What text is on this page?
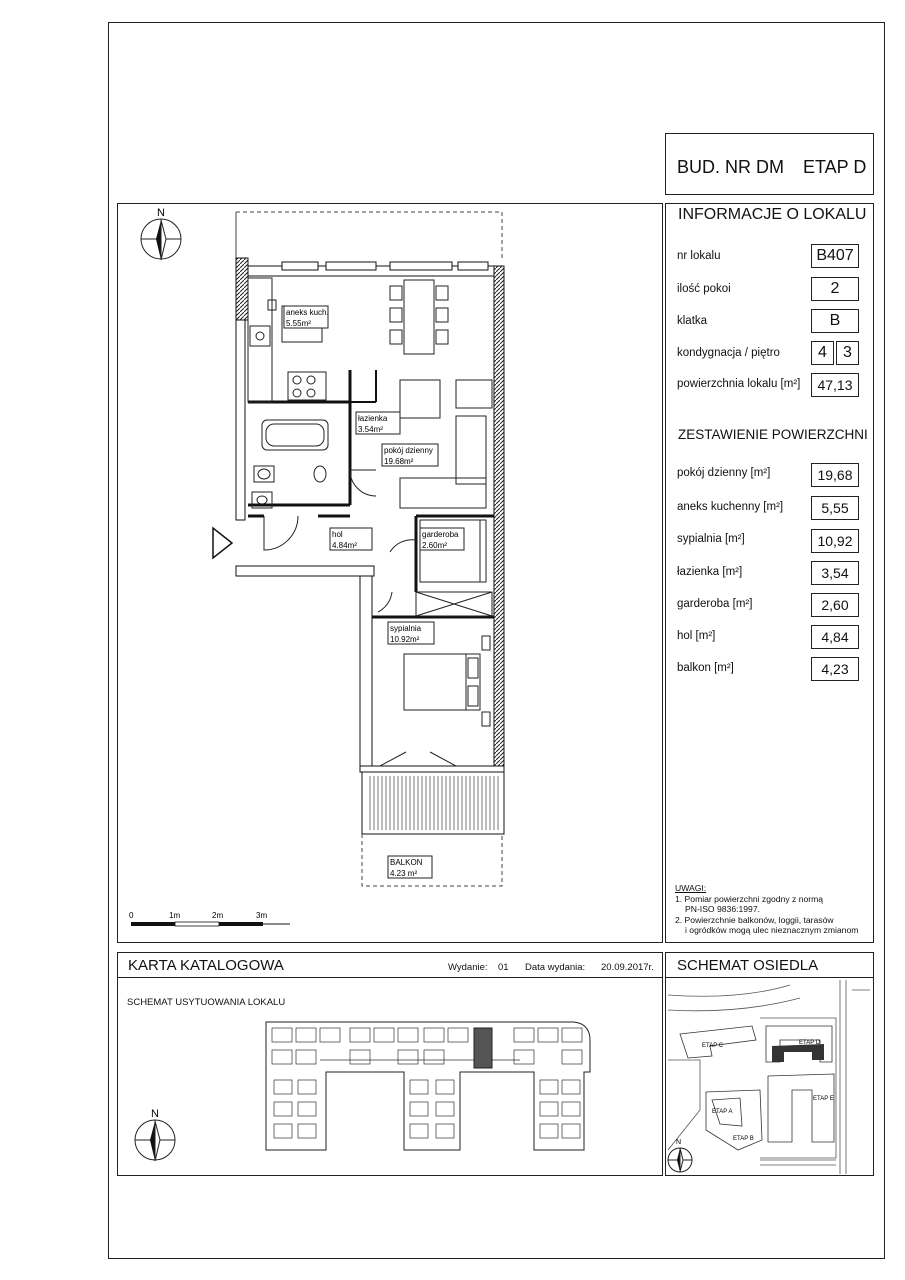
BUD. NR DM ETAP D
INFORMACJE O LOKALU
nr lokalu	B407
ilość pokoi	2
klatka	B
kondygnacja / piętro	4	3
powierzchnia lokalu [m²]	47,13
ZESTAWIENIE POWIERZCHNI
pokój dzienny [m²]	19,68
aneks kuchenny [m²]	5,55
sypialnia [m²]	10,92
łazienka [m²]	3,54
garderoba [m²]	2,60
hol [m²]	4,84
balkon [m²]	4,23
UWAGI:
1. Pomiar powierzchni zgodny z normą
PN-ISO 9836:1997.
2. Powierzchnie balkonów, loggii, tarasów
i ogródków mogą ulec nieznacznym zmianom
N
aneks kuch.
5.55m²
łazienka
3.54m²
pokój dzienny
19.68m²
hol
4.84m²
garderoba
2.60m²
sypialnia
10.92m²
BALKON
4.23 m²
0	1m	2m	3m
KARTA KATALOGOWA	Wydanie: 01 Data wydania: 20.09.2017r.
SCHEMAT USYTUOWANIA LOKALU
N
SCHEMAT OSIEDLA
ETAP C	ETAP D
ETAP A
ETAP B
ETAP E
N
